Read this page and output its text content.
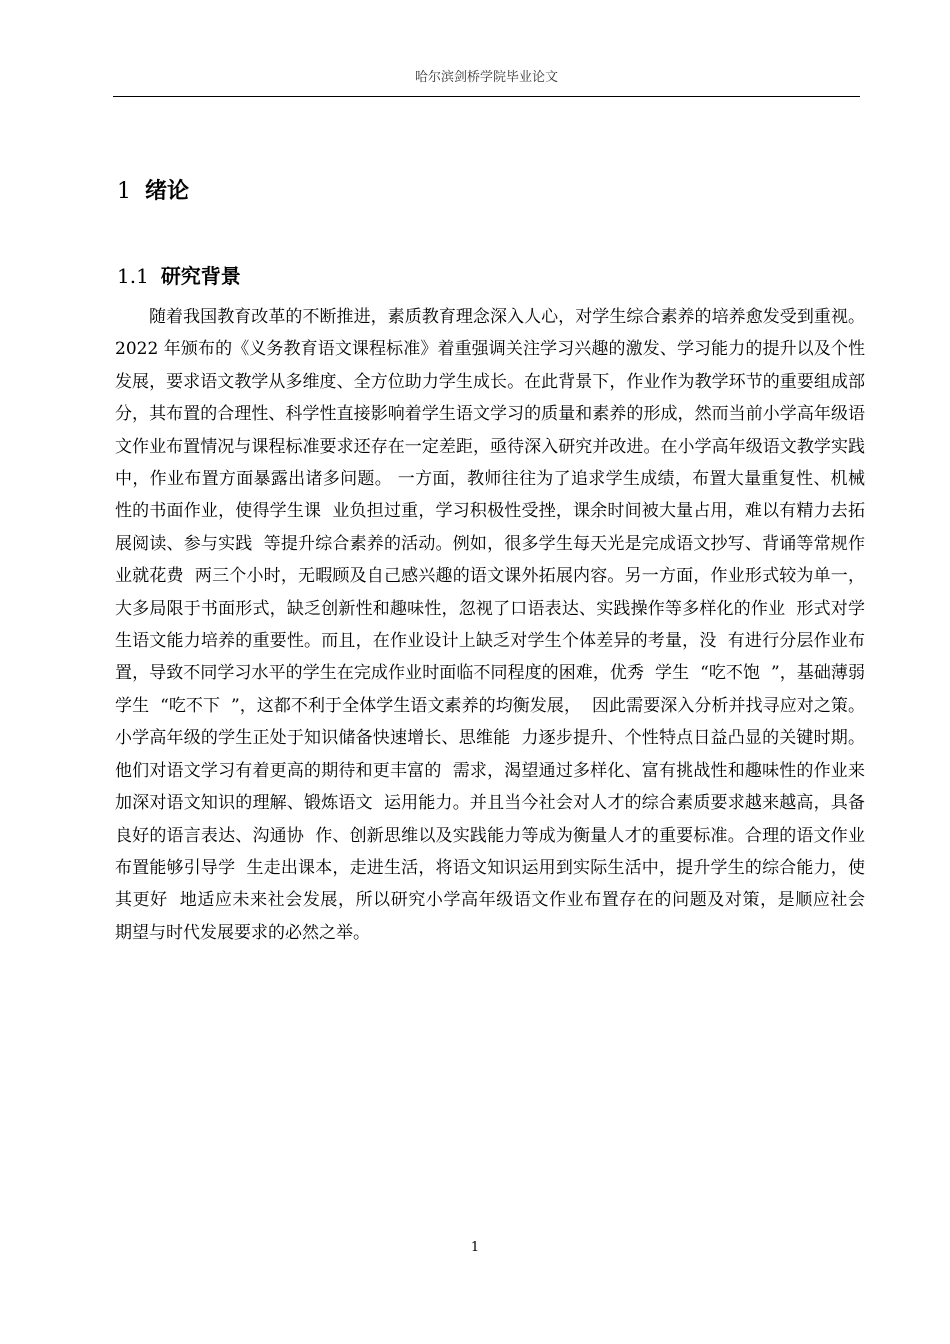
哈尔滨剑桥学院毕业论文
1 绪论
1.1 研究背景

随着我国教育改革的不断推进，素质教育理念深入人心，对学生综合素养的培养愈发受到重视。2022 年颁布的《义务教育语文课程标准》着重强调关注学习兴趣的激发、学习能力的提升以及个性发展，要求语文教学从多维度、全方位助力学生成长。在此背景下，作业作为教学环节的重要组成部分，其布置的合理性、科学性直接影响着学生语文学习的质量和素养的形成，然而当前小学高年级语文作业布置情况与课程标准要求还存在一定差距，亟待深入研究并改进。在小学高年级语文教学实践中，作业布置方面暴露出诸多问题。 一方面，教师往往为了追求学生成绩，布置大量重复性、机械性的书面作业，使得学生课  业负担过重，学习积极性受挫，课余时间被大量占用，难以有精力去拓展阅读、参与实践  等提升综合素养的活动。例如，很多学生每天光是完成语文抄写、背诵等常规作业就花费  两三个小时，无暇顾及自己感兴趣的语文课外拓展内容。另一方面，作业形式较为单一，  大多局限于书面形式，缺乏创新性和趣味性，忽视了口语表达、实践操作等多样化的作业  形式对学生语文能力培养的重要性。而且，在作业设计上缺乏对学生个体差异的考量，没  有进行分层作业布置，导致不同学习水平的学生在完成作业时面临不同程度的困难，优秀  学生  “吃不饱  ”，基础薄弱学生  “吃不下  ”，这都不利于全体学生语文素养的均衡发展，  因此需要深入分析并找寻应对之策。小学高年级的学生正处于知识储备快速增长、思维能  力逐步提升、个性特点日益凸显的关键时期。他们对语文学习有着更高的期待和更丰富的  需求，渴望通过多样化、富有挑战性和趣味性的作业来加深对语文知识的理解、锻炼语文  运用能力。并且当今社会对人才的综合素质要求越来越高，具备良好的语言表达、沟通协  作、创新思维以及实践能力等成为衡量人才的重要标准。合理的语文作业布置能够引导学  生走出课本，走进生活，将语文知识运用到实际生活中，提升学生的综合能力，使其更好  地适应未来社会发展，所以研究小学高年级语文作业布置存在的问题及对策，是顺应社会  期望与时代发展要求的必然之举。

1
